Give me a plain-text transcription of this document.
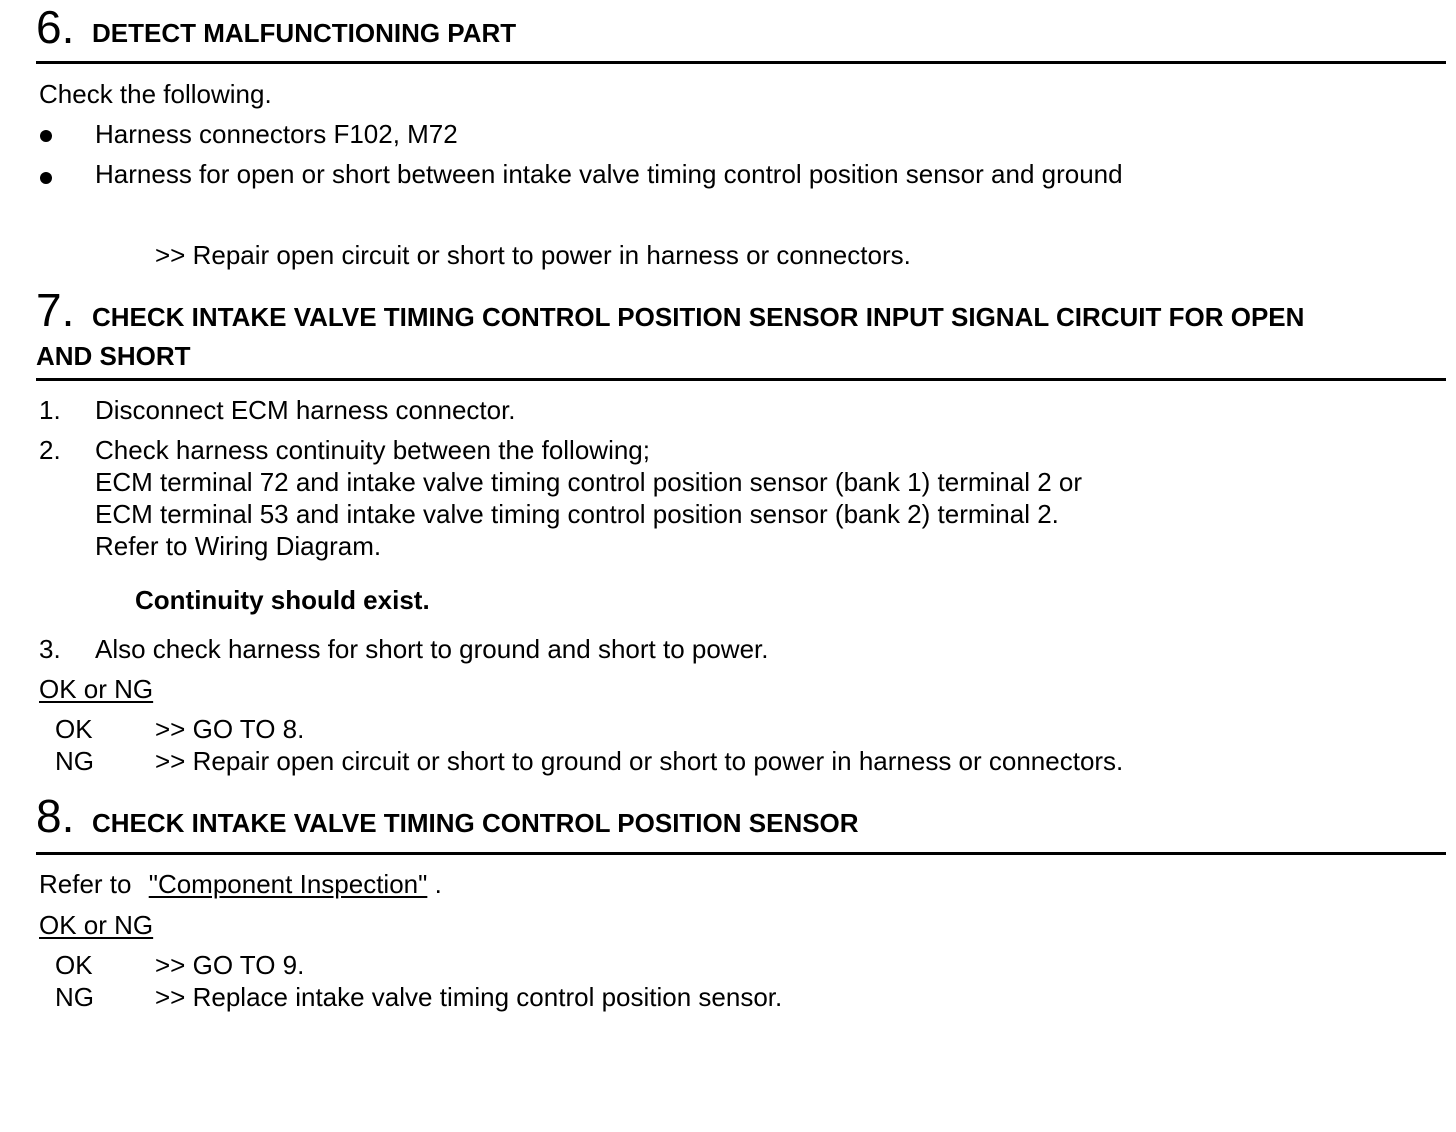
6. DETECT MALFUNCTIONING PART
Check the following.
Harness connectors F102, M72
Harness for open or short between intake valve timing control position sensor and ground
>> Repair open circuit or short to power in harness or connectors.
7. CHECK INTAKE VALVE TIMING CONTROL POSITION SENSOR INPUT SIGNAL CIRCUIT FOR OPEN
AND SHORT
1. Disconnect ECM harness connector.
2. Check harness continuity between the following;
ECM terminal 72 and intake valve timing control position sensor (bank 1) terminal 2 or
ECM terminal 53 and intake valve timing control position sensor (bank 2) terminal 2.
Refer to Wiring Diagram.
Continuity should exist.
3. Also check harness for short to ground and short to power.
OK or NG
OK >> GO TO 8.
NG >> Repair open circuit or short to ground or short to power in harness or connectors.
8. CHECK INTAKE VALVE TIMING CONTROL POSITION SENSOR
Refer to "Component Inspection" .
OK or NG
OK >> GO TO 9.
NG >> Replace intake valve timing control position sensor.
